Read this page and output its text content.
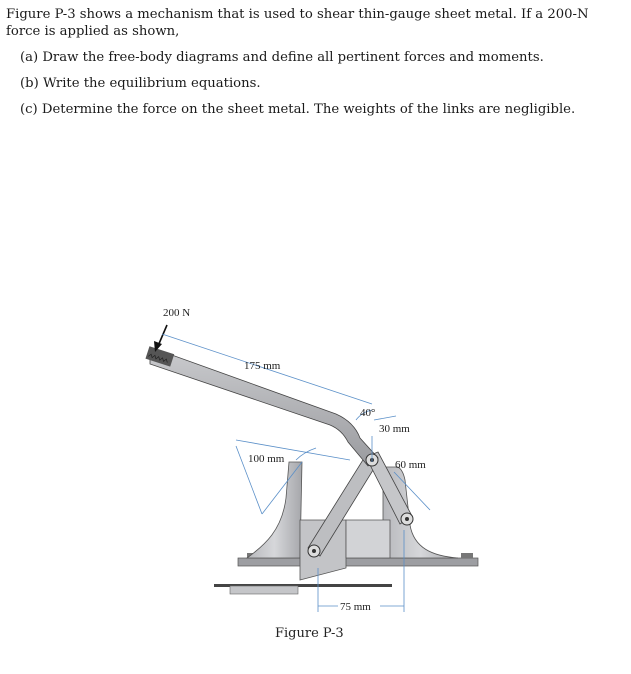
Figure P-3 shows a mechanism that is used to shear thin-gauge sheet metal. If a 200-N force is applied as shown,

(a) Draw the free-body diagrams and define all pertinent forces and moments.

(b) Write the equilibrium equations.

(c) Determine the force on the sheet metal. The weights of the links are negligible.

200 N
175 mm
40°
30 mm
100 mm	60 mm
75 mm
Figure P-3
